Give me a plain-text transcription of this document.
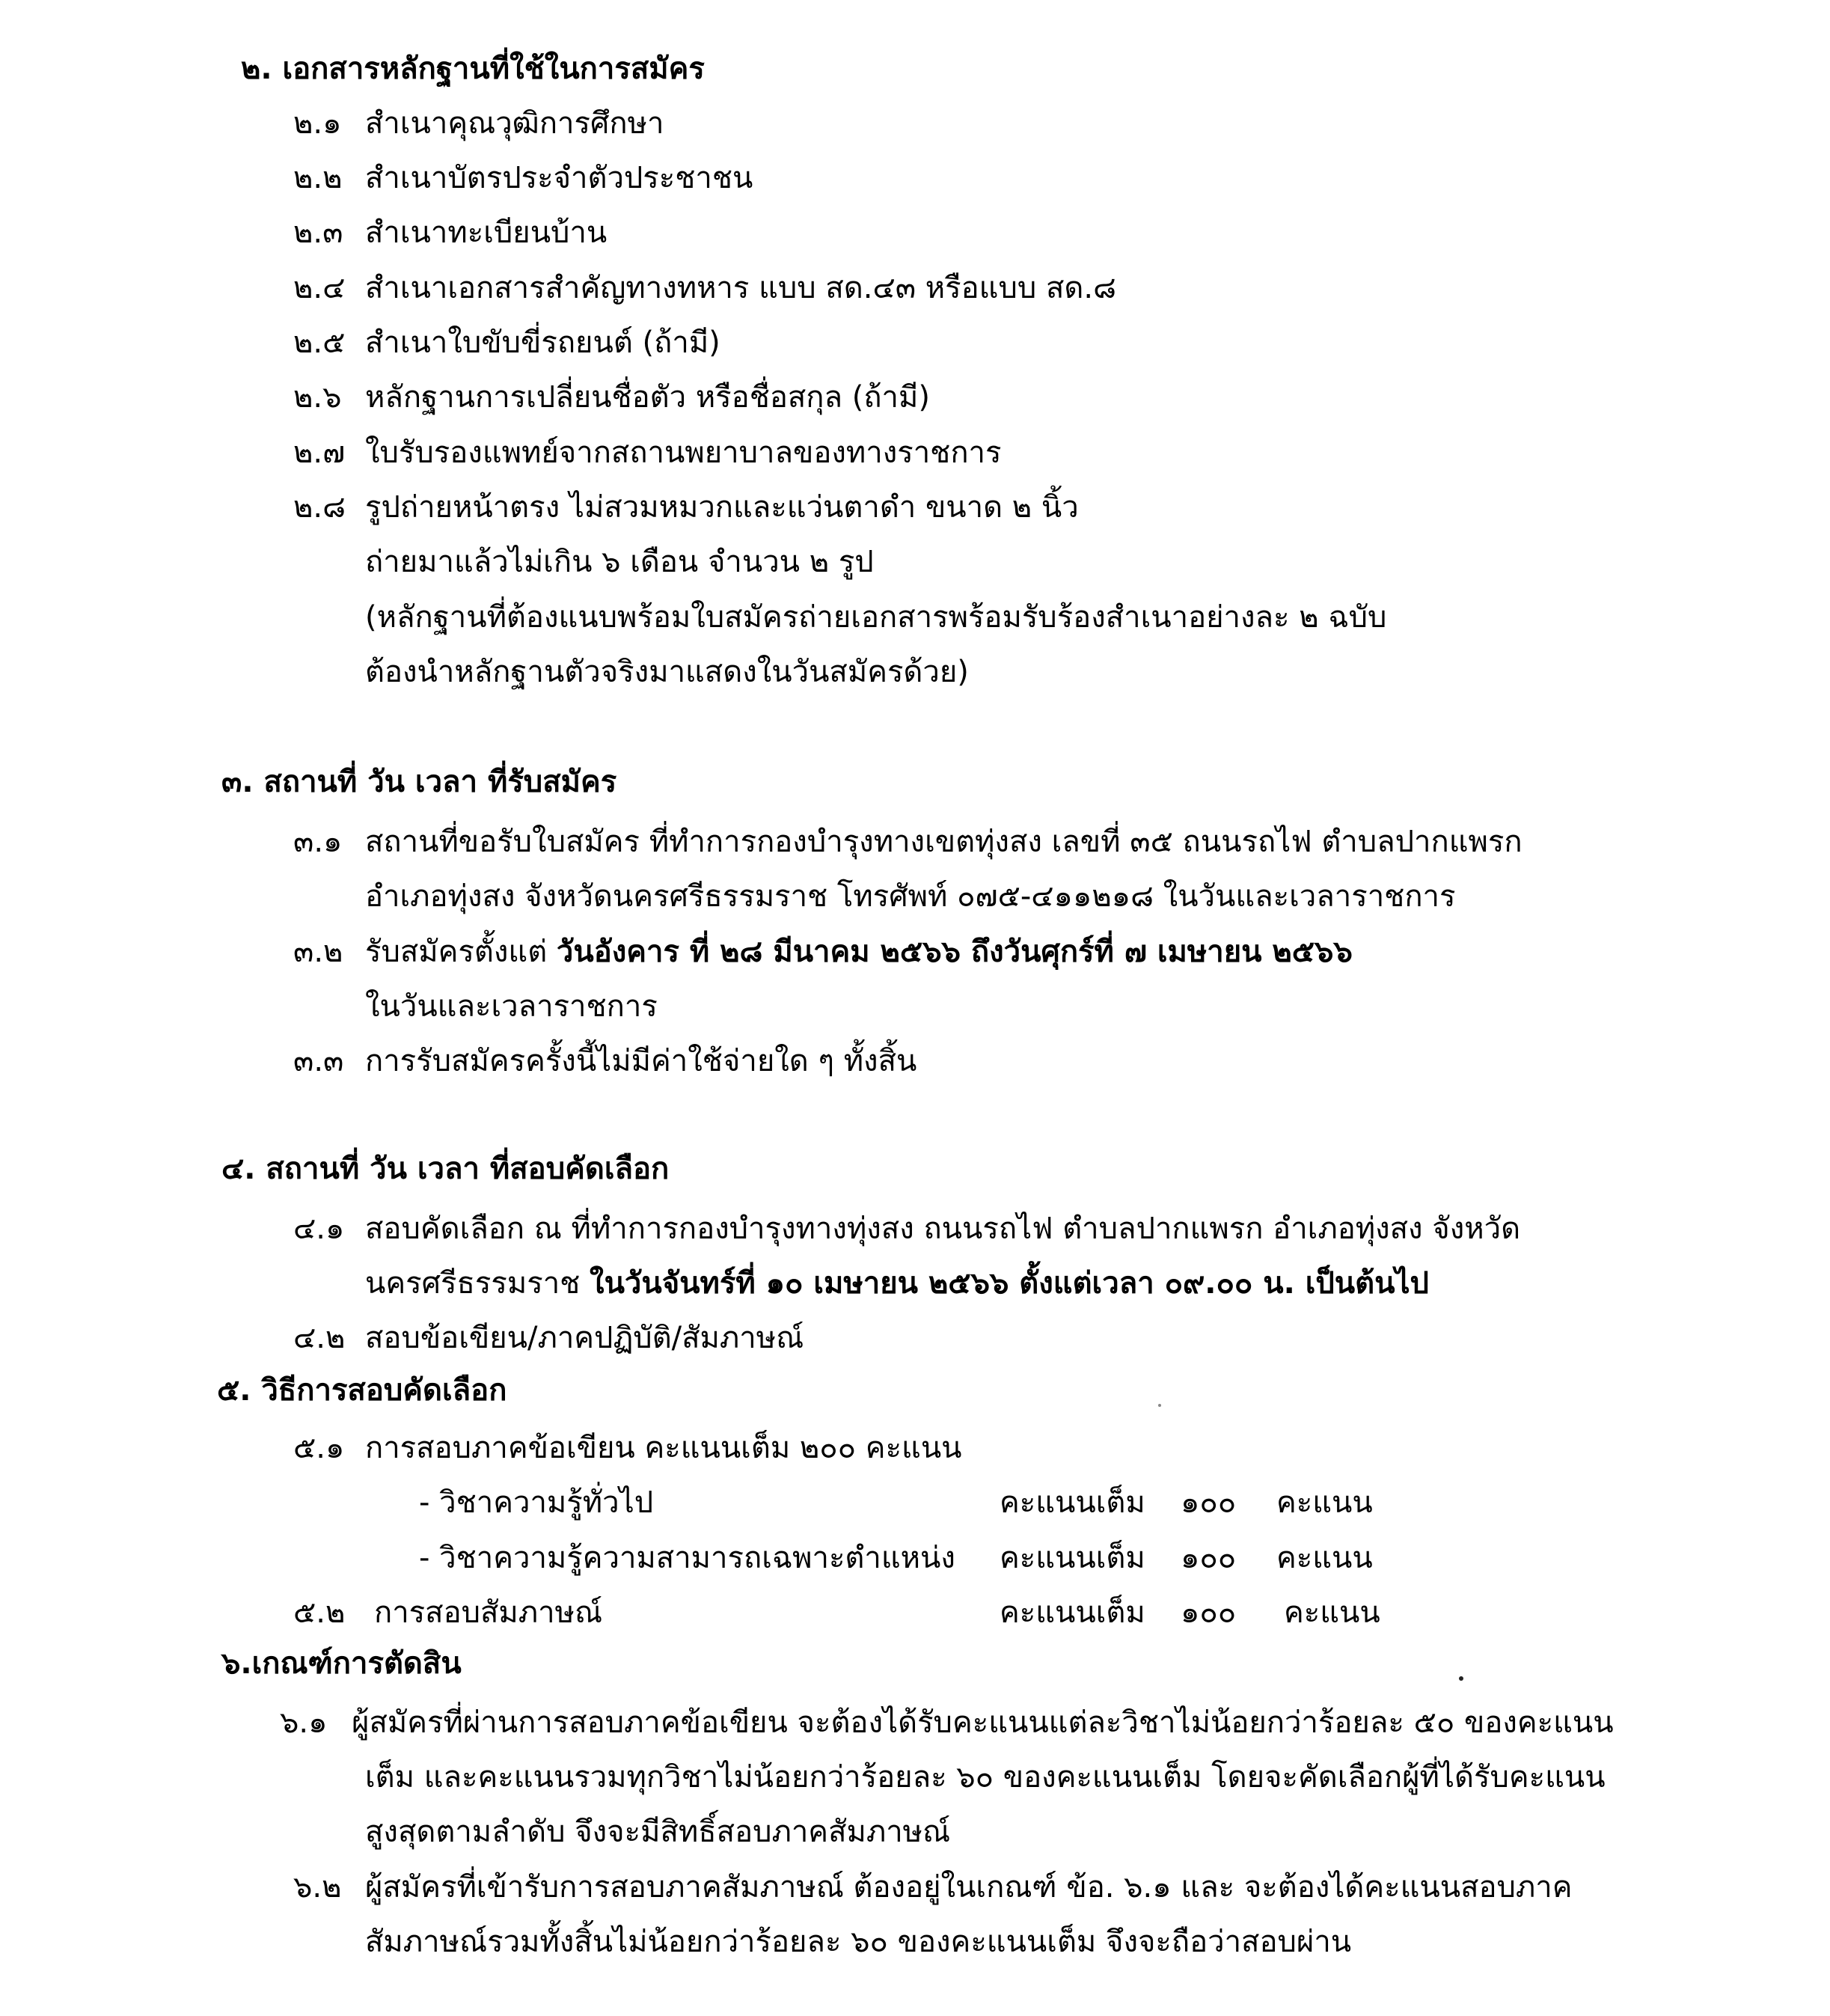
๒. เอกสารหลักฐานที่ใช้ในการสมัคร
๒.๑ สำเนาคุณวุฒิการศึกษา
๒.๒ สำเนาบัตรประจำตัวประชาชน
๒.๓ สำเนาทะเบียนบ้าน
๒.๔ สำเนาเอกสารสำคัญทางทหาร แบบ สด.๔๓ หรือแบบ สด.๘
๒.๕ สำเนาใบขับขี่รถยนต์ (ถ้ามี)
๒.๖ หลักฐานการเปลี่ยนชื่อตัว หรือชื่อสกุล (ถ้ามี)
๒.๗ ใบรับรองแพทย์จากสถานพยาบาลของทางราชการ
๒.๘ รูปถ่ายหน้าตรง ไม่สวมหมวกและแว่นตาดำ ขนาด ๒ นิ้ว
ถ่ายมาแล้วไม่เกิน ๖ เดือน จำนวน ๒ รูป
(หลักฐานที่ต้องแนบพร้อมใบสมัครถ่ายเอกสารพร้อมรับร้องสำเนาอย่างละ ๒ ฉบับ
ต้องนำหลักฐานตัวจริงมาแสดงในวันสมัครด้วย)
๓. สถานที่ วัน เวลา ที่รับสมัคร
๓.๑ สถานที่ขอรับใบสมัคร ที่ทำการกองบำรุงทางเขตทุ่งสง เลขที่ ๓๕ ถนนรถไฟ ตำบลปากแพรก
อำเภอทุ่งสง จังหวัดนครศรีธรรมราช โทรศัพท์ ๐๗๕-๔๑๑๒๑๘ ในวันและเวลาราชการ
๓.๒ รับสมัครตั้งแต่ วันอังคาร ที่ ๒๘ มีนาคม ๒๕๖๖ ถึงวันศุกร์ที่ ๗ เมษายน ๒๕๖๖
ในวันและเวลาราชการ
๓.๓ การรับสมัครครั้งนี้ไม่มีค่าใช้จ่ายใด ๆ ทั้งสิ้น
๔. สถานที่ วัน เวลา ที่สอบคัดเลือก
๔.๑ สอบคัดเลือก ณ ที่ทำการกองบำรุงทางทุ่งสง ถนนรถไฟ ตำบลปากแพรก อำเภอทุ่งสง จังหวัด
นครศรีธรรมราช ในวันจันทร์ที่ ๑๐ เมษายน ๒๕๖๖ ตั้งแต่เวลา ๐๙.๐๐ น. เป็นต้นไป
๔.๒ สอบข้อเขียน/ภาคปฏิบัติ/สัมภาษณ์
๕. วิธีการสอบคัดเลือก
๕.๑ การสอบภาคข้อเขียน คะแนนเต็ม ๒๐๐ คะแนน
- วิชาความรู้ทั่วไป	คะแนนเต็ม ๑๐๐ คะแนน
- วิชาความรู้ความสามารถเฉพาะตำแหน่ง คะแนนเต็ม ๑๐๐ คะแนน
๕.๒ การสอบสัมภาษณ์	คะแนนเต็ม ๑๐๐ คะแนน
๖.เกณฑ์การตัดสิน
๖.๑ ผู้สมัครที่ผ่านการสอบภาคข้อเขียน จะต้องได้รับคะแนนแต่ละวิชาไม่น้อยกว่าร้อยละ ๕๐ ของคะแนน
เต็ม และคะแนนรวมทุกวิชาไม่น้อยกว่าร้อยละ ๖๐ ของคะแนนเต็ม โดยจะคัดเลือกผู้ที่ได้รับคะแนน
สูงสุดตามลำดับ จึงจะมีสิทธิ์สอบภาคสัมภาษณ์
๖.๒ ผู้สมัครที่เข้ารับการสอบภาคสัมภาษณ์ ต้องอยู่ในเกณฑ์ ข้อ. ๖.๑ และ จะต้องได้คะแนนสอบภาค
สัมภาษณ์รวมทั้งสิ้นไม่น้อยกว่าร้อยละ ๖๐ ของคะแนนเต็ม จึงจะถือว่าสอบผ่าน
